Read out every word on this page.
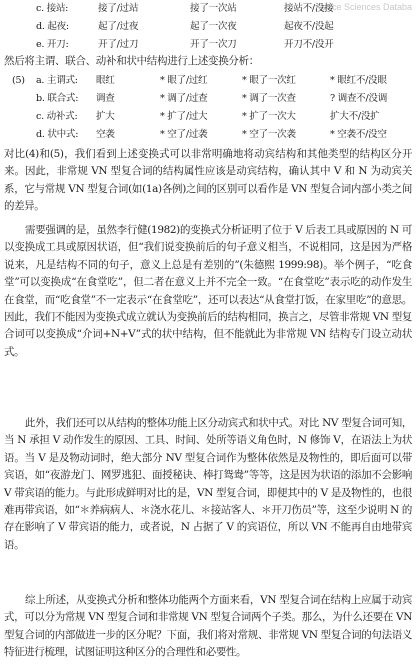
ience Sciences Databa
c. 接站:	接了/过站	接了一次站	接站不/没接
d. 起夜:	起了/过夜	起了一次夜	起夜不/没起
e. 开刀:	开了/过刀	开了一次刀	开刀不/没开
然后将主谓、联合、动补和状中结构进行上述变换分析：
(5) a. 主谓式: 眼红	* 眼了/过红	* 眼了一次红	* 眼红不/没眼
b. 联合式: 调查	* 调了/过查	* 调了一次查	? 调查不/没调
c. 动补式: 扩大	* 扩了/过大	* 扩了一次大	扩大不/没扩
d. 状中式: 空袭	* 空了/过袭	* 空了一次袭	* 空袭不/没空
对比(4)和(5)，我们看到上述变换式可以非常明确地将动宾结构和其他类型的结构区分开来。因此，非常规 VN 型复合词的结构属性应该是动宾结构，确认其中 V 和 N 为动宾关系，它与常规 VN 型复合词(如(1a)各例)之间的区别可以看作是 VN 型复合词内部小类之间的差异。
需要强调的是，虽然李行健(1982)的变换式分析证明了位于 V 后表工具或原因的 N 可以变换成工具或原因状语，但“我们说变换前后的句子意义相当，不说相同，这是因为严格说来，凡是结构不同的句子，意义上总是有差别的”(朱德熙 1999:98)。举个例子，“吃食堂”可以变换成“在食堂吃”，但二者在意义上并不完全一致。“在食堂吃”表示吃的动作发生在食堂，而“吃食堂”不一定表示“在食堂吃”，还可以表达“从食堂打饭，在家里吃”的意思。因此，我们不能因为变换式成立就认为变换前后的结构相同，换言之，尽管非常规 VN 型复合词可以变换成“介词+N+V”式的状中结构，但不能就此为非常规 VN 结构专门设立动状式。
此外，我们还可以从结构的整体功能上区分动宾式和状中式。对比 NV 型复合词可知，当 N 承担 V 动作发生的原因、工具、时间、处所等语义角色时，N 修饰 V，在语法上为状语。当 V 是及物动词时，绝大部分 NV 型复合词作为整体依然是及物性的，即后面可以带宾语，如“夜游龙门、网罗逃犯、面授秘诀、棒打鸳鸯”等等，这是因为状语的添加不会影响 V 带宾语的能力。与此形成鲜明对比的是，VN 型复合词，即便其中的 V 是及物性的，也很难再带宾语，如“＊养病病人、＊浇水花儿、＊接站客人、＊开刀伤员”等，这至少说明 N 的存在影响了 V 带宾语的能力，或者说，N 占据了 V 的宾语位，所以 VN 不能再自由地带宾语。
综上所述，从变换式分析和整体功能两个方面来看，VN 型复合词在结构上应属于动宾式，可以分为常规 VN 型复合词和非常规 VN 型复合词两个子类。那么，为什么还要在 VN 型复合词的内部做进一步的区分呢？下面，我们将对常规、非常规 VN 型复合词的句法语义特征进行梳理，试图证明这种区分的合理性和必要性。
